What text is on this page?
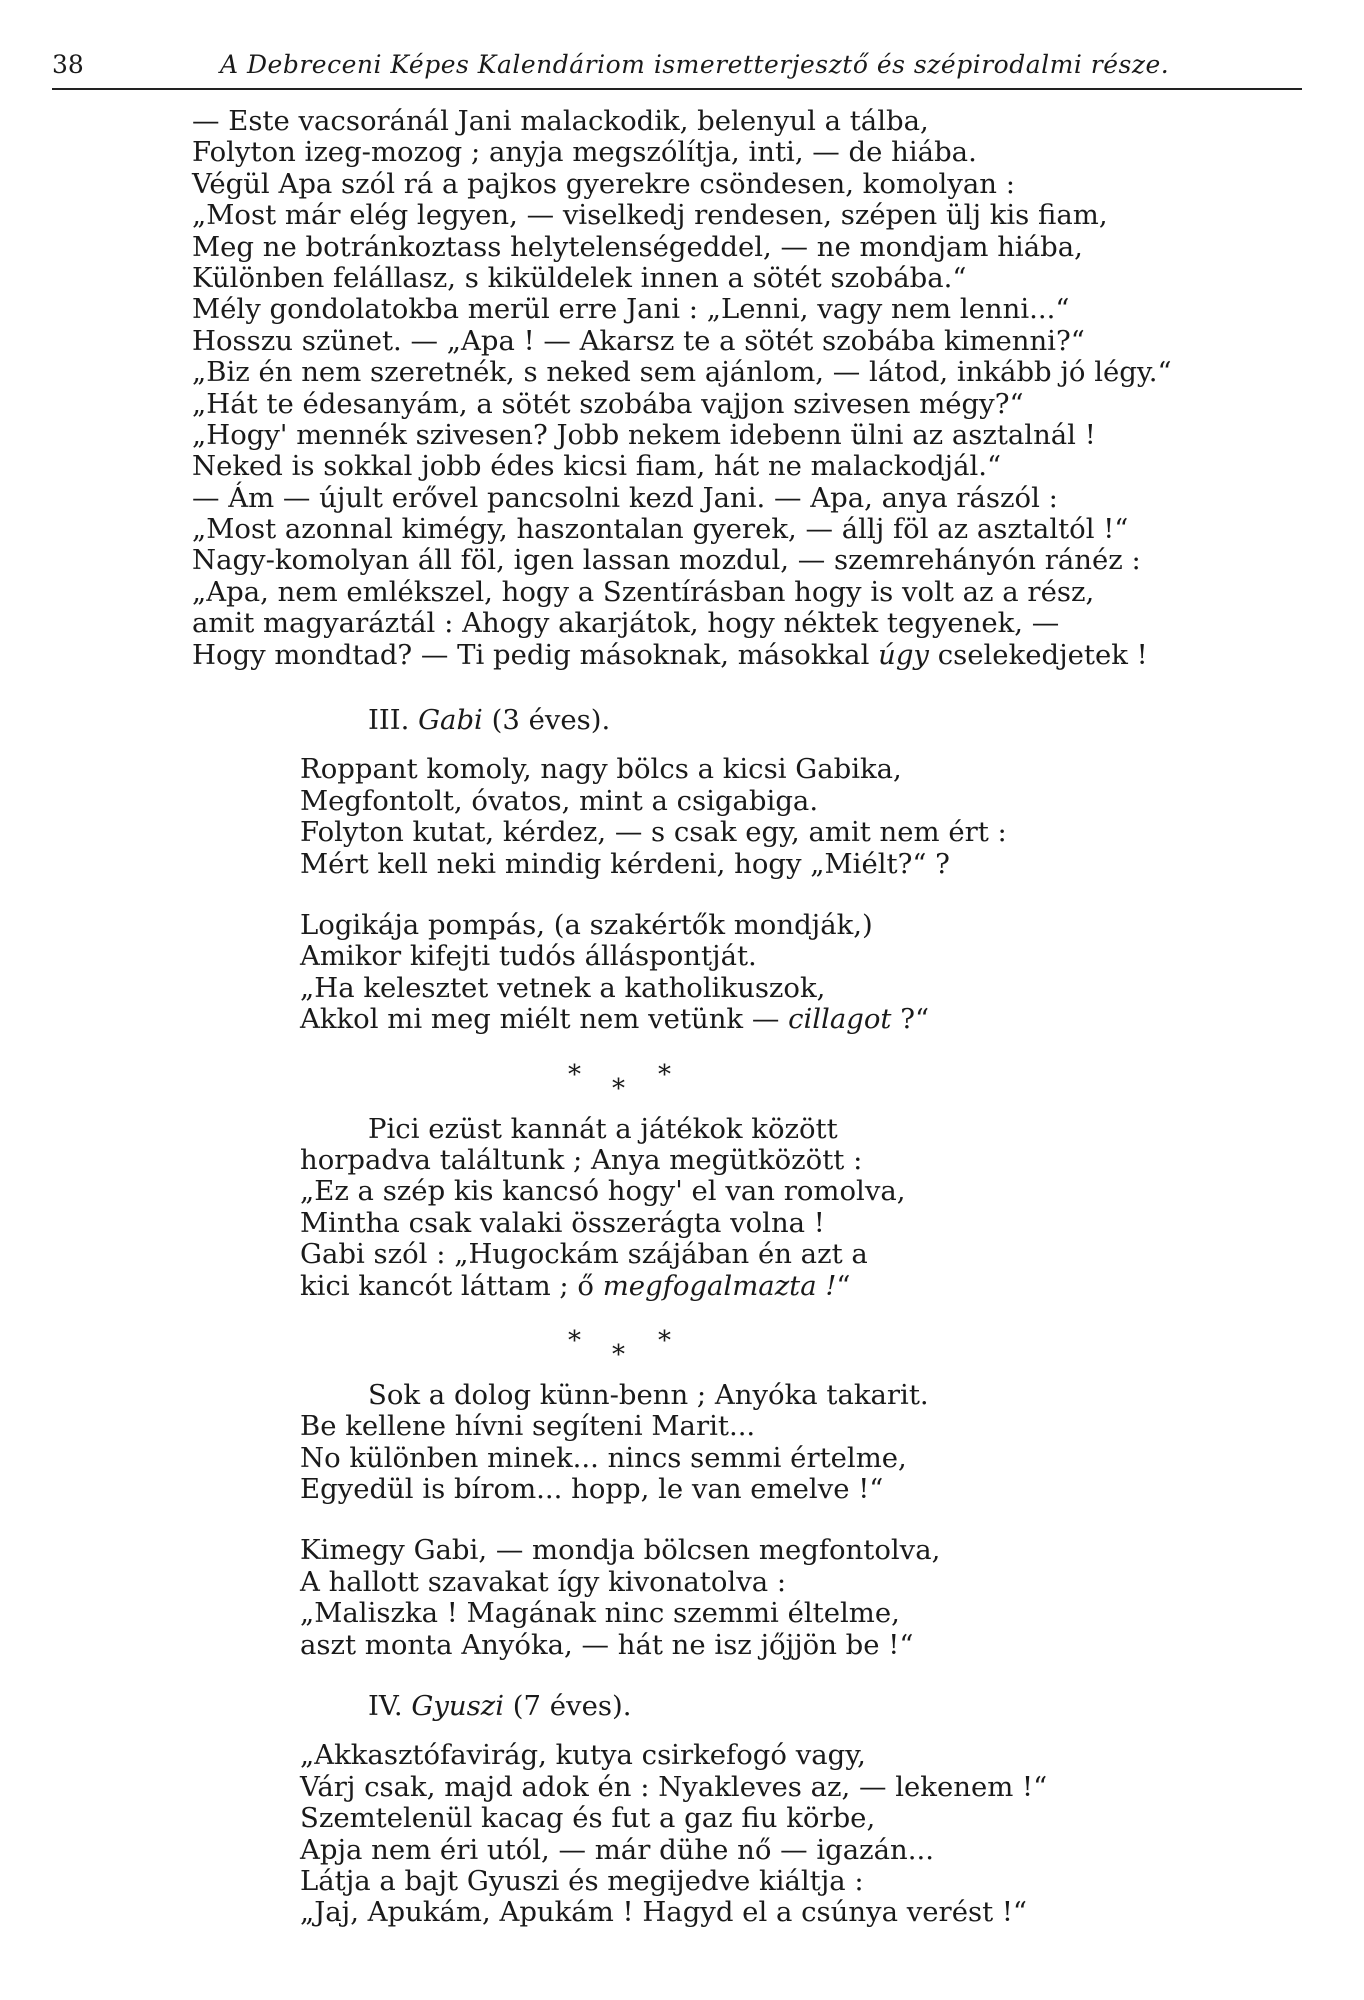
38	A Debreceni Képes Kalendáriom ismeretterjesztő és szépirodalmi része.
— Este vacsoránál Jani malackodik, belenyul a tálba,
Folyton izeg-mozog ; anyja megszólítja, inti, — de hiába.
Végül Apa szól rá a pajkos gyerekre csöndesen, komolyan :
„Most már elég legyen, — viselkedj rendesen, szépen ülj kis fiam,
Meg ne botránkoztass helytelenségeddel, — ne mondjam hiába,
Különben felállasz, s kiküldelek innen a sötét szobába.“
Mély gondolatokba merül erre Jani : „Lenni, vagy nem lenni...“
Hosszu szünet. — „Apa ! — Akarsz te a sötét szobába kimenni?“
„Biz én nem szeretnék, s neked sem ajánlom, — látod, inkább jó légy.“
„Hát te édesanyám, a sötét szobába vajjon szivesen mégy?“
„Hogy' mennék szivesen? Jobb nekem idebenn ülni az asztalnál !
Neked is sokkal jobb édes kicsi fiam, hát ne malackodjál.“
— Ám — újult erővel pancsolni kezd Jani. — Apa, anya rászól :
„Most azonnal kimégy, haszontalan gyerek, — állj föl az asztaltól !“
Nagy-komolyan áll föl, igen lassan mozdul, — szemrehányón ránéz :
„Apa, nem emlékszel, hogy a Szentírásban hogy is volt az a rész,
amit magyaráztál : Ahogy akarjátok, hogy néktek tegyenek, —
Hogy mondtad? — Ti pedig másoknak, másokkal úgy cselekedjetek !
III. Gabi (3 éves).
Roppant komoly, nagy bölcs a kicsi Gabika,
Megfontolt, óvatos, mint a csigabiga.
Folyton kutat, kérdez, — s csak egy, amit nem ért :
Mért kell neki mindig kérdeni, hogy „Miélt?“ ?
Logikája pompás, (a szakértők mondják,)
Amikor kifejti tudós álláspontját.
„Ha kelesztet vetnek a katholikuszok,
Akkol mi meg miélt nem vetünk — cillagot ?“
* * *
Pici ezüst kannát a játékok között
horpadva találtunk ; Anya megütközött :
„Ez a szép kis kancsó hogy' el van romolva,
Mintha csak valaki összerágta volna !
Gabi szól : „Hugockám szájában én azt a
kici kancót láttam ; ő megfogalmazta !“
* * *
Sok a dolog künn-benn ; Anyóka takarit.
Be kellene hívni segíteni Marit...
No különben minek... nincs semmi értelme,
Egyedül is bírom... hopp, le van emelve !“
Kimegy Gabi, — mondja bölcsen megfontolva,
A hallott szavakat így kivonatolva :
„Maliszka ! Magának ninc szemmi éltelme,
aszt monta Anyóka, — hát ne isz jőjjön be !“
IV. Gyuszi (7 éves).
„Akkasztófavirág, kutya csirkefogó vagy,
Várj csak, majd adok én : Nyakleves az, — lekenem !“
Szemtelenül kacag és fut a gaz fiu körbe,
Apja nem éri utól, — már dühe nő — igazán...
Látja a bajt Gyuszi és megijedve kiáltja :
„Jaj, Apukám, Apukám ! Hagyd el a csúnya verést !“
